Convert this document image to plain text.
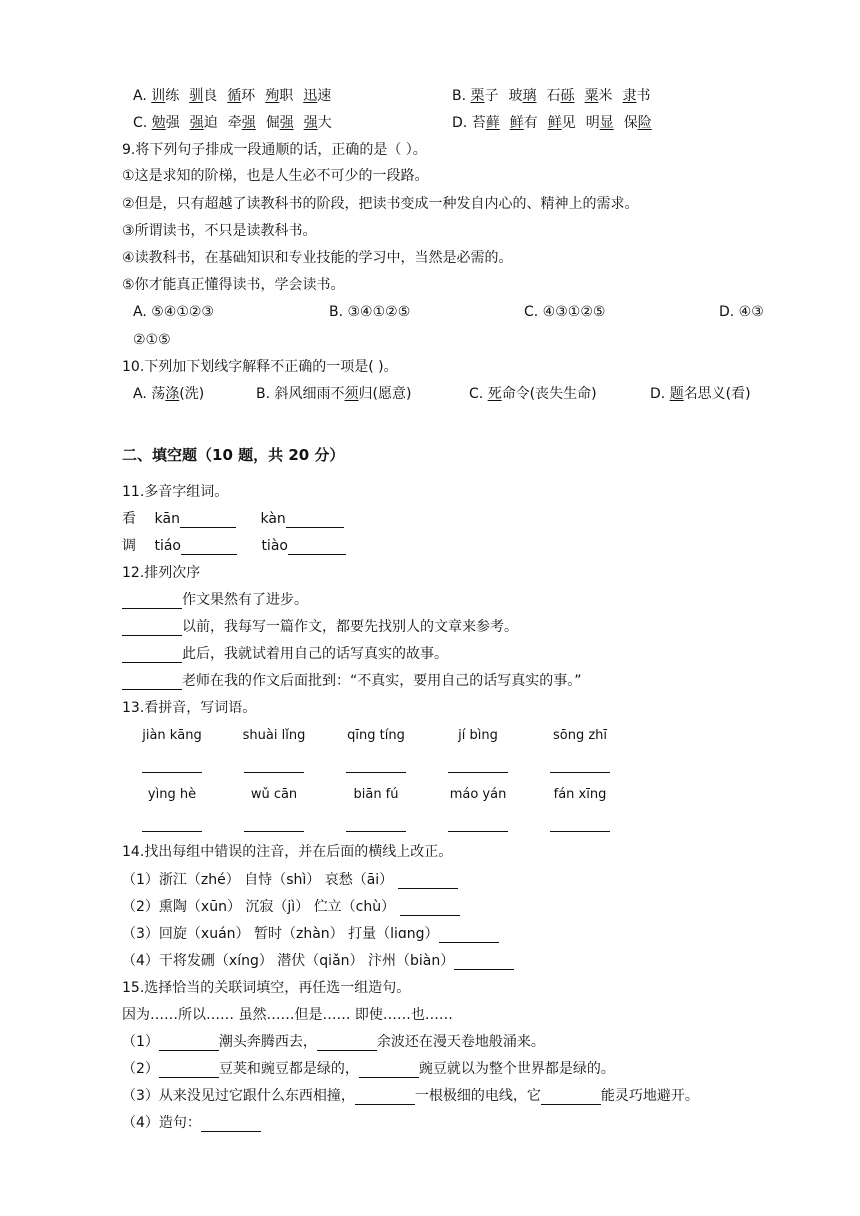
A. 训练 驯良 循环 殉职 迅速	B. 栗子 玻璃 石砾 粟米 隶书
C. 勉强 强迫 牵强 倔强 强大	D. 苔藓 鲜有 鲜见 明显 保险
9.将下列句子排成一段通顺的话，正确的是（ ）。
①这是求知的阶梯，也是人生必不可少的一段路。
②但是，只有超越了读教科书的阶段，把读书变成一种发自内心的、精神上的需求。
③所谓读书，不只是读教科书。
④读教科书，在基础知识和专业技能的学习中，当然是必需的。
⑤你才能真正懂得读书，学会读书。
A. ⑤④①②③	B. ③④①②⑤	C. ④③①②⑤	D. ④③
②①⑤
10.下列加下划线字解释不正确的一项是( )。
A. 荡涤(洗)	B. 斜风细雨不须归(愿意)	C. 死命令(丧失生命)	D. 题名思义(看)
二、填空题（10 题，共 20 分）
11.多音字组词。
看 kān	kàn
调 tiáo	tiào
12.排列次序
作文果然有了进步。
以前，我每写一篇作文，都要先找别人的文章来参考。
此后，我就试着用自己的话写真实的故事。
老师在我的作文后面批到：“不真实，要用自己的话写真实的事。”
13.看拼音，写词语。
jiàn kāng	shuài lǐng	qīng tíng	jí bìng	sōng zhī
yìng hè	wǔ cān	biān fú	máo yán	fán xīng
14.找出每组中错误的注音，并在后面的横线上改正。
（1）浙江（zhé） 自恃（shì） 哀愁（āi）
（2）熏陶（xūn） 沉寂（jì） 伫立（chù）
（3）回旋（xuán） 暂时（zhàn） 打量（liɑng）
（4）干将发硎（xíng） 潜伏（qiǎn） 汴州（biàn）
15.选择恰当的关联词填空，再任选一组造句。
因为……所以…… 虽然……但是…… 即使……也……
（1）	潮头奔腾西去，	余波还在漫天卷地般涌来。
（2）	豆荚和豌豆都是绿的，	豌豆就以为整个世界都是绿的。
（3）从来没见过它跟什么东西相撞，	一根极细的电线，它	能灵巧地避开。
（4）造句：
